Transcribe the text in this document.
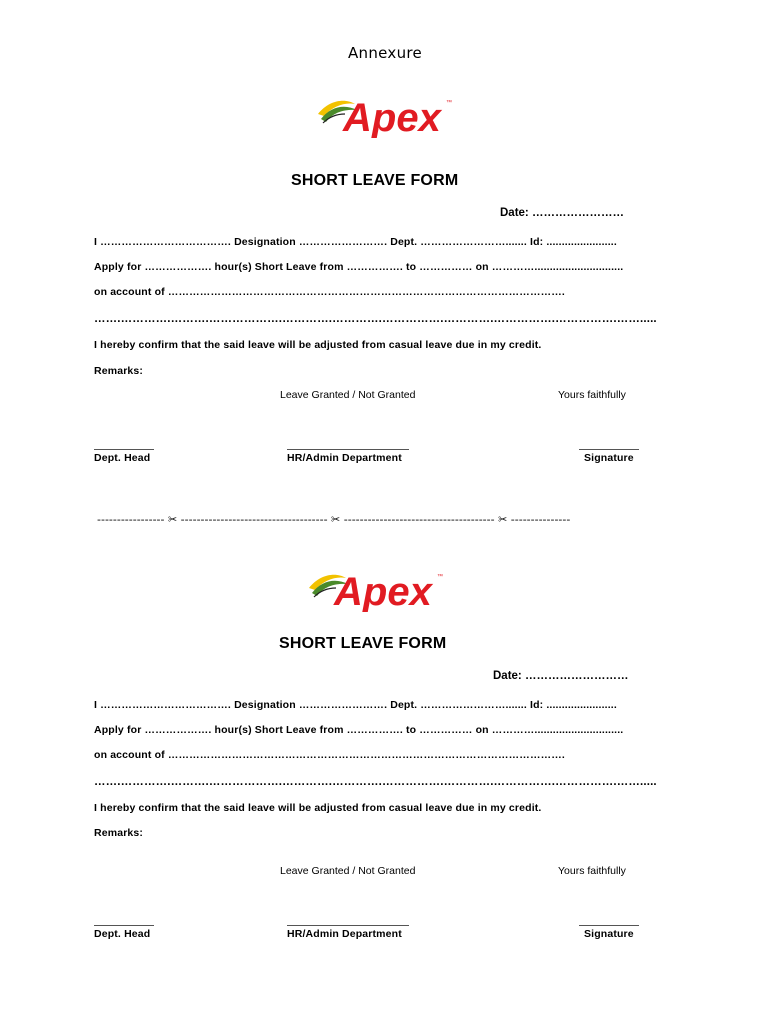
Annexure
Apex ™
SHORT LEAVE FORM
Date: ……………………
I ………………………………. Designation ……………………. Dept. ……………………....... Id: .......................
Apply for ………………. hour(s) Short Leave from ……………. to …………… on ………….............................
on account of ………………………………………………………………………………………………….
…….………….……….……………….………….………….…………….………….…………….…………….…….....
I hereby confirm that the said leave will be adjusted from casual leave due in my credit.
Remarks:
Leave Granted / Not Granted	Yours faithfully
Dept. Head	HR/Admin Department	Signature
----------------- ✂ ------------------------------------- ✂ -------------------------------------- ✂ ---------------
Apex ™
SHORT LEAVE FORM
Date: ………………………
I ………………………………. Designation ……………………. Dept. ……………………....... Id: .......................
Apply for ………………. hour(s) Short Leave from ……………. to …………… on ………….............................
on account of ………………………………………………………………………………………………….
…….………….……….……………….………….………….…………….………….…………….…………….…….....
I hereby confirm that the said leave will be adjusted from casual leave due in my credit.
Remarks:
Leave Granted / Not Granted	Yours faithfully
Dept. Head	HR/Admin Department	Signature
